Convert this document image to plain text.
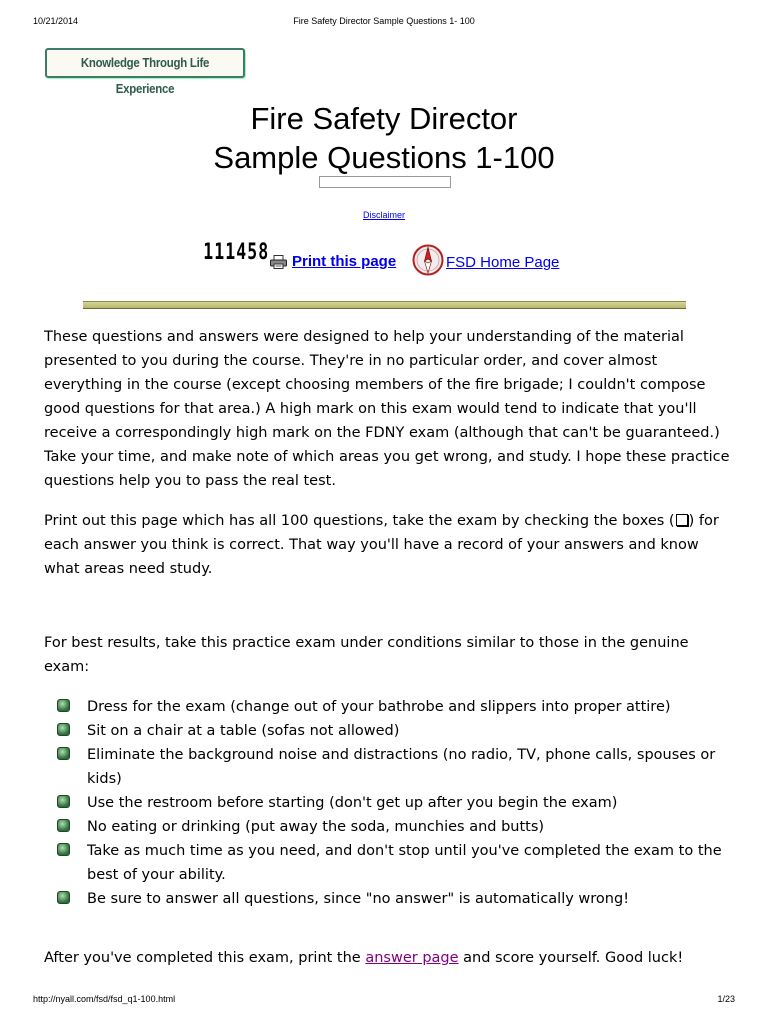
10/21/2014	Fire Safety Director Sample Questions 1- 100
Knowledge Through Life Experience
Fire Safety Director
Sample Questions 1-100
Disclaimer
1 1 1 4 5 8 Print this page	FSD Home Page
These questions and answers were designed to help your understanding of the material presented to you during the course. They're in no particular order, and cover almost everything in the course (except choosing members of the fire brigade; I couldn't compose good questions for that area.) A high mark on this exam would tend to indicate that you'll receive a correspondingly high mark on the FDNY exam (although that can't be guaranteed.) Take your time, and make note of which areas you get wrong, and study. I hope these practice questions help you to pass the real test.
Print out this page which has all 100 questions, take the exam by checking the boxes ( ) for each answer you think is correct. That way you'll have a record of your answers and know what areas need study.
For best results, take this practice exam under conditions similar to those in the genuine exam:
Dress for the exam (change out of your bathrobe and slippers into proper attire)
Sit on a chair at a table (sofas not allowed)
Eliminate the background noise and distractions (no radio, TV, phone calls, spouses or kids)
Use the restroom before starting (don't get up after you begin the exam)
No eating or drinking (put away the soda, munchies and butts)
Take as much time as you need, and don't stop until you've completed the exam to the best of your ability.
Be sure to answer all questions, since "no answer" is automatically wrong!
After you've completed this exam, print the answer page and score yourself. Good luck!
http://nyall.com/fsd/fsd_q1-100.html	1/23
